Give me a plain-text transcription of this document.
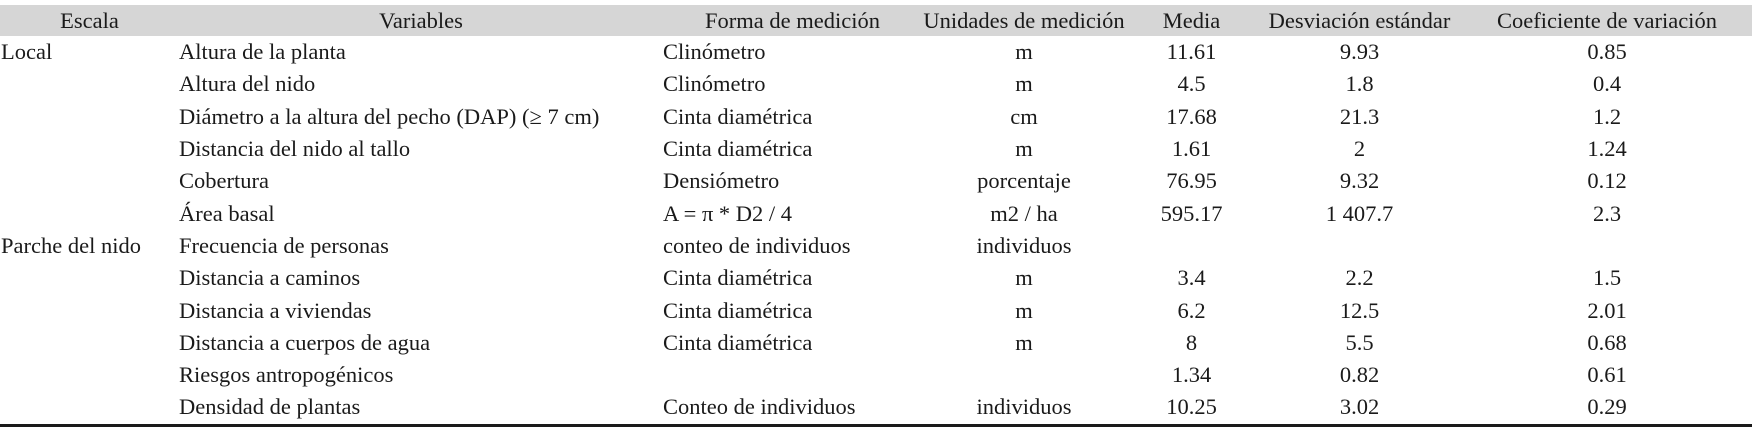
Escala	Variables	Forma de medición	Unidades de medición	Media	Desviación estándar	Coeficiente de variación
Local	Altura de la planta	Clinómetro	m	11.61	9.93	0.85
	Altura del nido	Clinómetro	m	4.5	1.8	0.4
	Diámetro a la altura del pecho (DAP) (≥ 7 cm)	Cinta diamétrica	cm	17.68	21.3	1.2
	Distancia del nido al tallo	Cinta diamétrica	m	1.61	2	1.24
	Cobertura	Densiómetro	porcentaje	76.95	9.32	0.12
	Área basal	A = π * D2 / 4	m2 / ha	595.17	1 407.7	2.3
Parche del nido	Frecuencia de personas	conteo de individuos	individuos			
	Distancia a caminos	Cinta diamétrica	m	3.4	2.2	1.5
	Distancia a viviendas	Cinta diamétrica	m	6.2	12.5	2.01
	Distancia a cuerpos de agua	Cinta diamétrica	m	8	5.5	0.68
	Riesgos antropogénicos			1.34	0.82	0.61
	Densidad de plantas	Conteo de individuos	individuos	10.25	3.02	0.29
